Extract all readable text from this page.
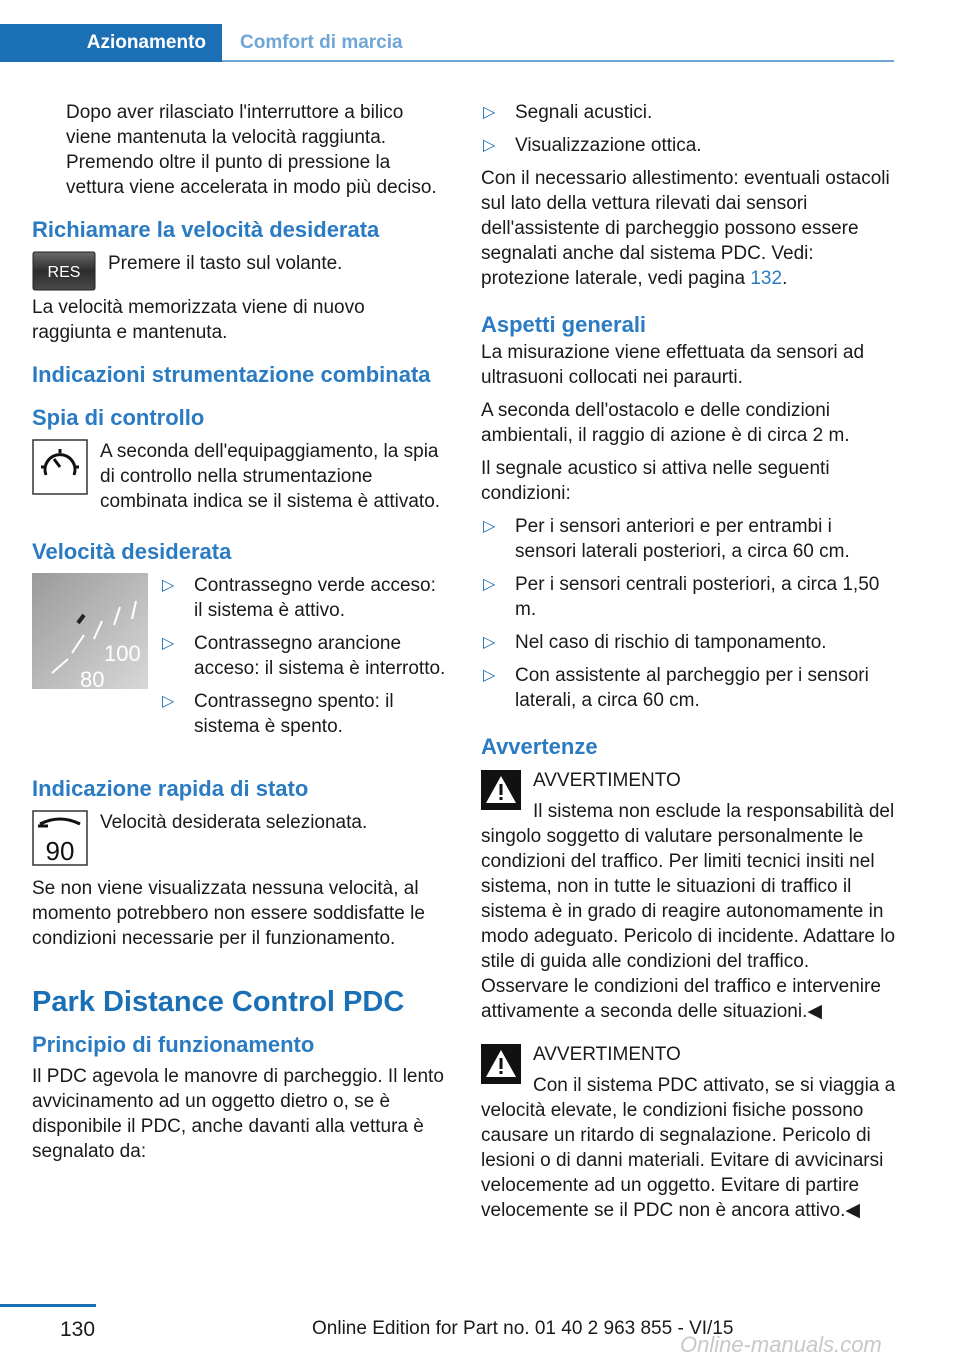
Azionamento	Comfort di marcia

Dopo aver rilasciato l'interruttore a bilico viene mantenuta la velocità raggiunta. Premendo oltre il punto di pressione la vettura viene accelerata in modo più deciso.

Richiamare la velocità desiderata
RES	Premere il tasto sul volante.

La velocità memorizzata viene di nuovo raggiunta e mantenuta.

Indicazioni strumentazione combinata
Spia di controllo

A seconda dell'equipaggiamento, la spia di controllo nella strumentazione combinata indica se il sistema è attivato.

Velocità desiderata
100
80
▷ Contrassegno verde acceso: il sistema è attivo.
▷ Contrassegno arancione acceso: il sistema è interrotto.
▷ Contrassegno spento: il sistema è spento.
Indicazione rapida di stato
90

Velocità desiderata selezionata.

Se non viene visualizzata nessuna velocità, al momento potrebbero non essere soddisfatte le condizioni necessarie per il funzionamento.

Park Distance Control PDC
Principio di funzionamento

Il PDC agevola le manovre di parcheggio. Il lento avvicinamento ad un oggetto dietro o, se è disponibile il PDC, anche davanti alla vettura è segnalato da:

▷ Segnali acustici.
▷ Visualizzazione ottica.

Con il necessario allestimento: eventuali ostacoli sul lato della vettura rilevati dai sensori dell'assistente di parcheggio possono essere segnalati anche dal sistema PDC. Vedi: protezione laterale, vedi pagina 132.

Aspetti generali

La misurazione viene effettuata da sensori ad ultrasuoni collocati nei paraurti.

A seconda dell'ostacolo e delle condizioni ambientali, il raggio di azione è di circa 2 m.

Il segnale acustico si attiva nelle seguenti condizioni:

▷ Per i sensori anteriori e per entrambi i sensori laterali posteriori, a circa 60 cm.
▷ Per i sensori centrali posteriori, a circa 1,50 m.
▷ Nel caso di rischio di tamponamento.
▷ Con assistente al parcheggio per i sensori laterali, a circa 60 cm.
Avvertenze
AVVERTIMENTO

Il sistema non esclude la responsabilità del singolo soggetto di valutare personalmente le condizioni del traffico. Per limiti tecnici insiti nel sistema, non in tutte le situazioni di traffico il sistema è in grado di reagire autonomamente in modo adeguato. Pericolo di incidente. Adattare lo stile di guida alle condizioni del traffico. Osservare le condizioni del traffico e intervenire attivamente a seconda delle situazioni.◀

AVVERTIMENTO

Con il sistema PDC attivato, se si viaggia a velocità elevate, le condizioni fisiche possono causare un ritardo di segnalazione. Pericolo di lesioni o di danni materiali. Evitare di avvicinarsi velocemente ad un oggetto. Evitare di partire velocemente se il PDC non è ancora attivo.◀

130	Online Edition for Part no. 01 40 2 963 855 - VI/15
Online-manuals.com
